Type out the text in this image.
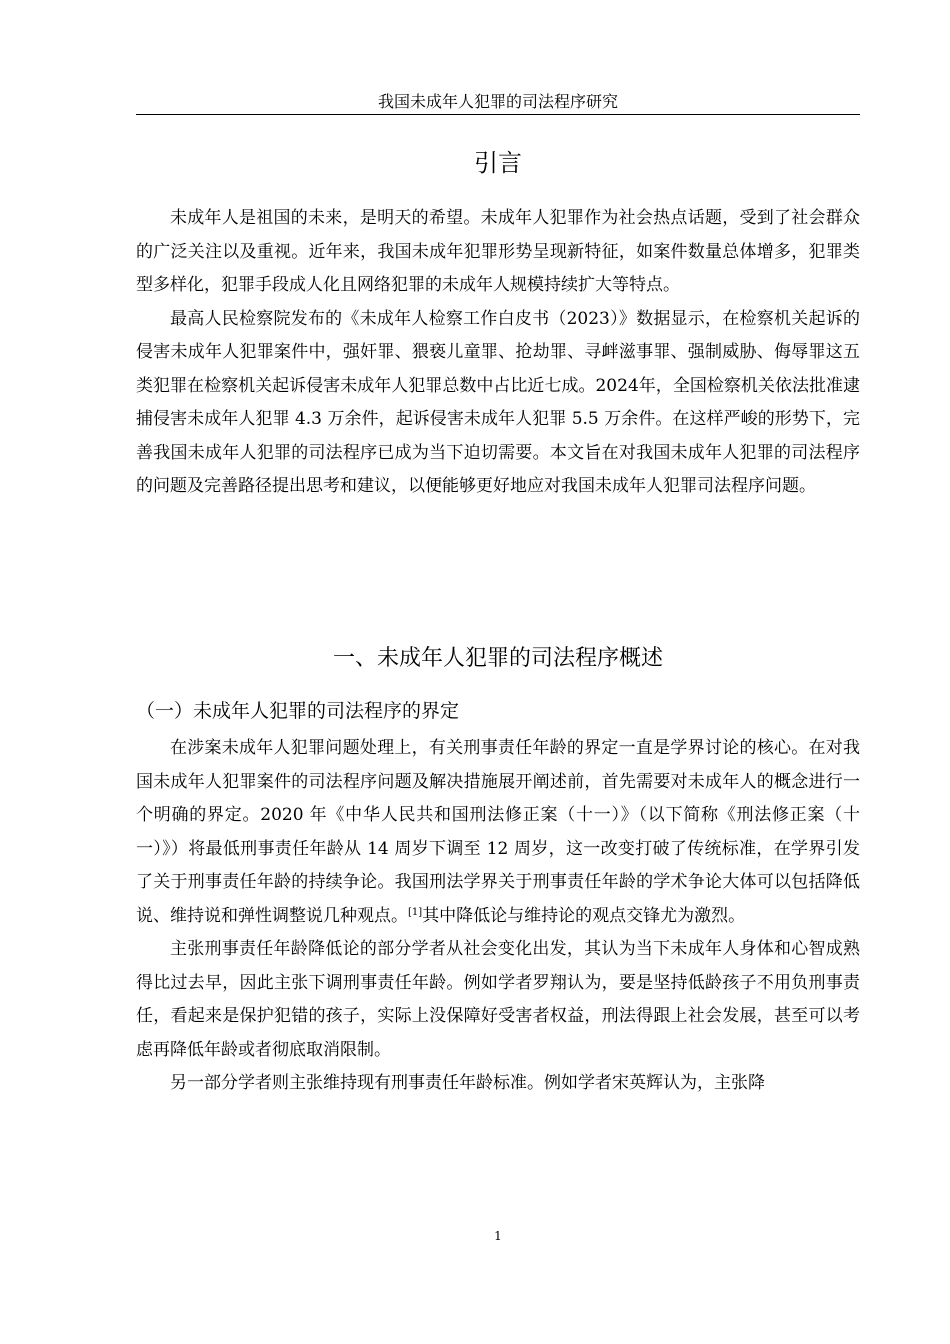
我国未成年人犯罪的司法程序研究
引言

未成年人是祖国的未来，是明天的希望。未成年人犯罪作为社会热点话题，受到了社会群众的广泛关注以及重视。近年来，我国未成年犯罪形势呈现新特征，如案件数量总体增多，犯罪类型多样化，犯罪手段成人化且网络犯罪的未成年人规模持续扩大等特点。

最高人民检察院发布的《未成年人检察工作白皮书（2023）》数据显示，在检察机关起诉的侵害未成年人犯罪案件中，强奸罪、猥亵儿童罪、抢劫罪、寻衅滋事罪、强制威胁、侮辱罪这五类犯罪在检察机关起诉侵害未成年人犯罪总数中占比近七成。2024年，全国检察机关依法批准逮捕侵害未成年人犯罪 4.3 万余件，起诉侵害未成年人犯罪 5.5 万余件。在这样严峻的形势下，完善我国未成年人犯罪的司法程序已成为当下迫切需要。本文旨在对我国未成年人犯罪的司法程序的问题及完善路径提出思考和建议，以便能够更好地应对我国未成年人犯罪司法程序问题。

一、未成年人犯罪的司法程序概述
（一）未成年人犯罪的司法程序的界定

在涉案未成年人犯罪问题处理上，有关刑事责任年龄的界定一直是学界讨论的核心。在对我国未成年人犯罪案件的司法程序问题及解决措施展开阐述前，首先需要对未成年人的概念进行一个明确的界定。2020 年《中华人民共和国刑法修正案（十一）》（以下简称《刑法修正案（十一）》）将最低刑事责任年龄从 14 周岁下调至 12 周岁，这一改变打破了传统标准，在学界引发了关于刑事责任年龄的持续争论。我国刑法学界关于刑事责任年龄的学术争论大体可以包括降低说、维持说和弹性调整说几种观点。[1]其中降低论与维持论的观点交锋尤为激烈。

主张刑事责任年龄降低论的部分学者从社会变化出发，其认为当下未成年人身体和心智成熟得比过去早，因此主张下调刑事责任年龄。例如学者罗翔认为，要是坚持低龄孩子不用负刑事责任，看起来是保护犯错的孩子，实际上没保障好受害者权益，刑法得跟上社会发展，甚至可以考虑再降低年龄或者彻底取消限制。

另一部分学者则主张维持现有刑事责任年龄标准。例如学者宋英辉认为，主张降

1
